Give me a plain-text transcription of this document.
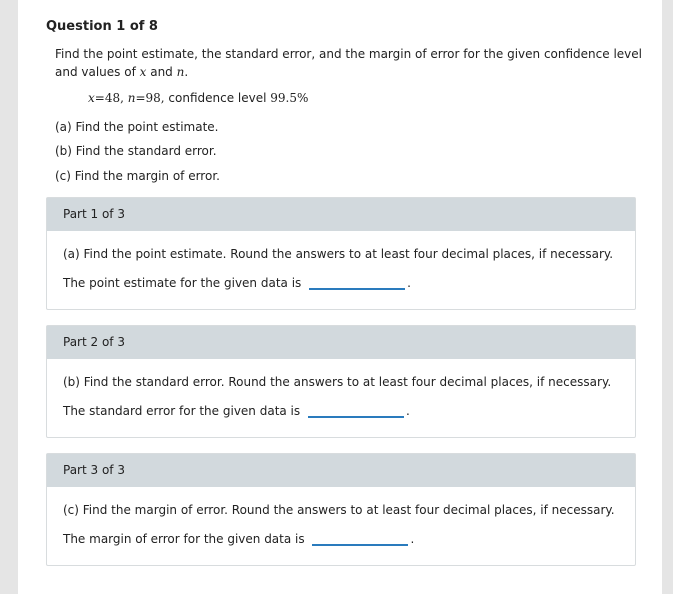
Question 1 of 8
Find the point estimate, the standard error, and the margin of error for the given confidence level and values of x and n.
x=48, n=98, confidence level 99.5%
(a) Find the point estimate.
(b) Find the standard error.
(c) Find the margin of error.
Part 1 of 3
(a) Find the point estimate. Round the answers to at least four decimal places, if necessary.
The point estimate for the given data is	.
Part 2 of 3
(b) Find the standard error. Round the answers to at least four decimal places, if necessary.
The standard error for the given data is	.
Part 3 of 3
(c) Find the margin of error. Round the answers to at least four decimal places, if necessary.
The margin of error for the given data is	.
